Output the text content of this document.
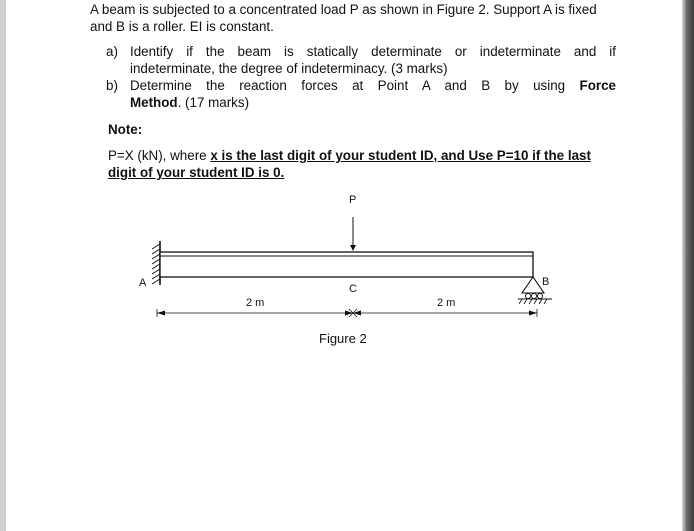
A beam is subjected to a concentrated load P as shown in Figure 2. Support A is fixed
and B is a roller. EI is constant.
a) Identify if the beam is statically determinate or indeterminate and if
indeterminate, the degree of indeterminacy. (3 marks)
b) Determine the reaction forces at Point A and B by using Force
Method. (17 marks)
Note:
P=X (kN), where x is the last digit of your student ID, and Use P=10 if the last
digit of your student ID is 0.
P
A	B
C
2 m	2 m
Figure 2
